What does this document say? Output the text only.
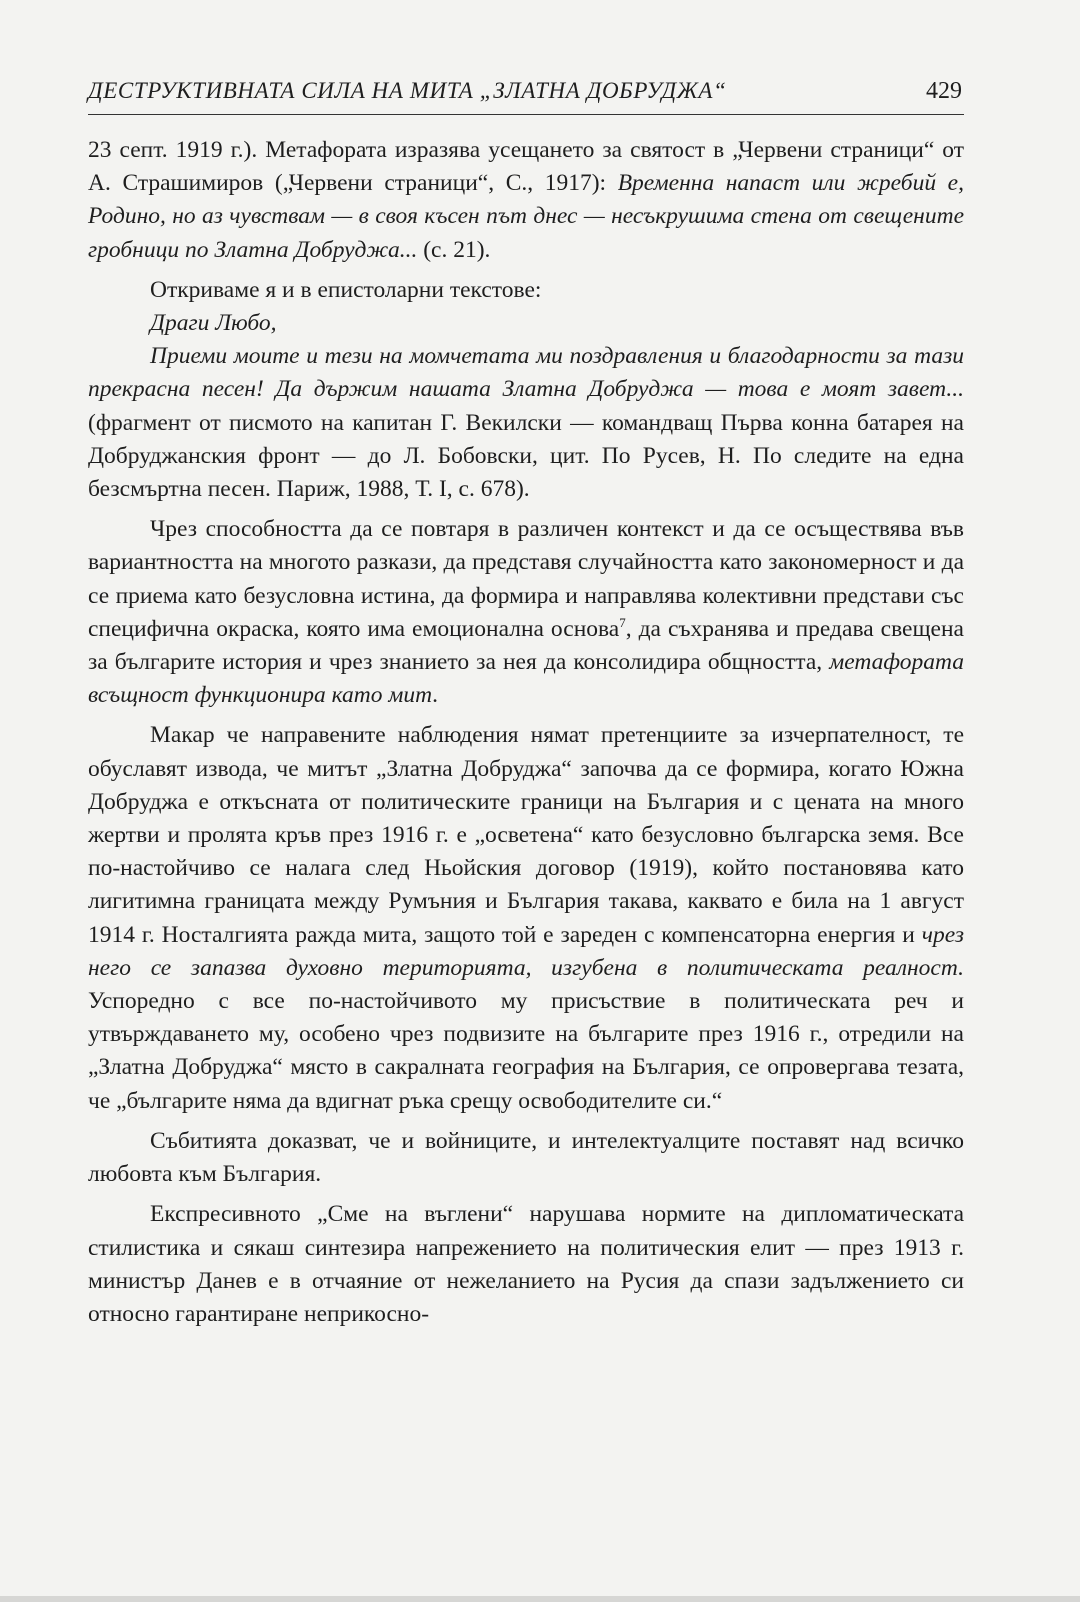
ДЕСТРУКТИВНАТА СИЛА НА МИТА „ЗЛАТНА ДОБРУДЖА“	429

23 септ. 1919 г.). Метафората изразява усещането за святост в „Червени страници“ от А. Страшимиров („Червени страници“, С., 1917): Временна напаст или жребий е, Родино, но аз чувствам — в своя късен път днес — несъкрушима стена от свещените гробници по Златна Добруджа... (с. 21).

Откриваме я и в епистоларни текстове:

Драги Любо,

Приеми моите и тези на момчетата ми поздравления и благодарности за тази прекрасна песен! Да държим нашата Златна Добруджа — това е моят завет... (фрагмент от писмото на капитан Г. Векилски — командващ Първа конна батарея на Добруджанския фронт — до Л. Бобовски, цит. По Русев, Н. По следите на една безсмъртна песен. Париж, 1988, Т. I, с. 678).

Чрез способността да се повтаря в различен контекст и да се осъществява във вариантността на многото разкази, да представя случайността като закономерност и да се приема като безусловна истина, да формира и направлява колективни представи със специфична окраска, която има емоционална основа$^7$, да съхранява и предава свещена за българите история и чрез знанието за нея да консолидира общността, метафората всъщност функционира като мит.

Макар че направените наблюдения нямат претенциите за изчерпателност, те обуславят извода, че митът „Златна Добруджа“ започва да се формира, когато Южна Добруджа е откъсната от политическите граници на България и с цената на много жертви и пролята кръв през 1916 г. е „осветена“ като безусловно българска земя. Все по-настойчиво се налага след Ньойския договор (1919), който постановява като лигитимна границата между Румъния и България такава, каквато е била на 1 август 1914 г. Носталгията ражда мита, защото той е зареден с компенсаторна енергия и чрез него се запазва духовно територията, изгубена в политическата реалност. Успоредно с все по-настойчивото му присъствие в политическата реч и утвърждаването му, особено чрез подвизите на българите през 1916 г., отредили на „Златна Добруджа“ място в сакралната география на България, се опровергава тезата, че „българите няма да вдигнат ръка срещу освободителите си.“

Събитията доказват, че и войниците, и интелектуалците поставят над всичко любовта към България.

Експресивното „Сме на въглени“ нарушава нормите на дипломатическата стилистика и сякаш синтезира напрежението на политическия елит — през 1913 г. министър Данев е в отчаяние от нежеланието на Русия да спази задължението си относно гарантиране неприкосно-
